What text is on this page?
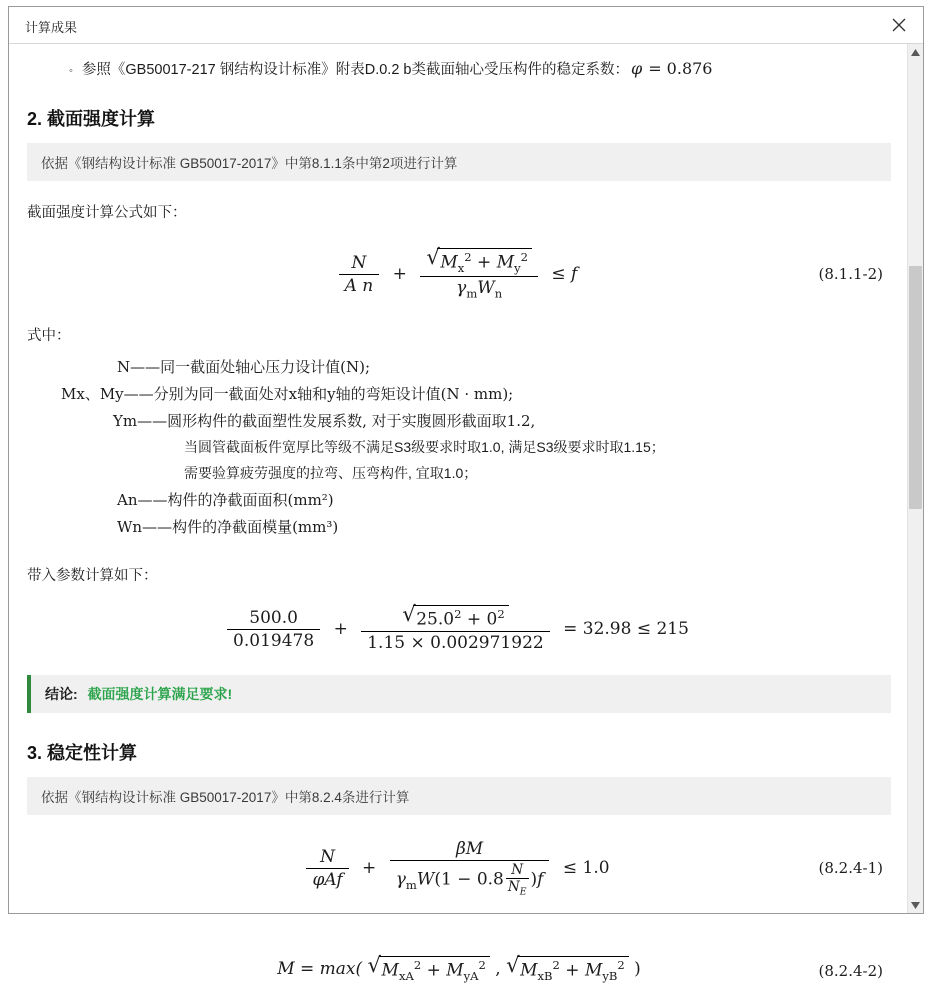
计算成果
◦ 参照《GB50017-217 钢结构设计标准》附表D.0.2 b类截面轴心受压构件的稳定系数： φ = 0.876
2. 截面强度计算
依据《钢结构设计标准 GB50017-2017》中第8.1.1条中第2项进行计算
截面强度计算公式如下：
$\frac{N}{\text{A n}}$ + √ $\frac{M_x^2 + M_y^2}{\gamma_mW_n} \le f$	(8.1.1-2)
式中：
N——同一截面处轴心压力设计值(N);
Mx、My——分别为同一截面处对x轴和y轴的弯矩设计值(N · mm);
Υm——圆形构件的截面塑性发展系数, 对于实腹圆形截面取1.2,
当圆管截面板件宽厚比等级不满足S3级要求时取1.0, 满足S3级要求时取1.15；
需要验算疲劳强度的拉弯、压弯构件, 宜取1.0；
An——构件的净截面面积(mm²)
Wn——构件的净截面模量(mm³)
带入参数计算如下：
$\frac{500.0}{0.019478}$ + √ $\frac{25.0^2 + 0^2}{1.15 \times 0.002971922} = 32.98 \le 215$
结论: 截面强度计算满足要求!
3. 稳定性计算
依据《钢结构设计标准 GB50017-2017》中第8.2.4条进行计算
$\frac{N}{\text{φAf}} + \frac{\beta M}{\gamma_mW(1 - 0.8 \frac{N}{N_E} )f} \le 1.0$	(8.2.4-1)
M = max( √ $M_{xA}^2 + M_{yA}^2$ , √ $M_{xB}^2 + M_{yB}^2$ )	(8.2.4-2)
